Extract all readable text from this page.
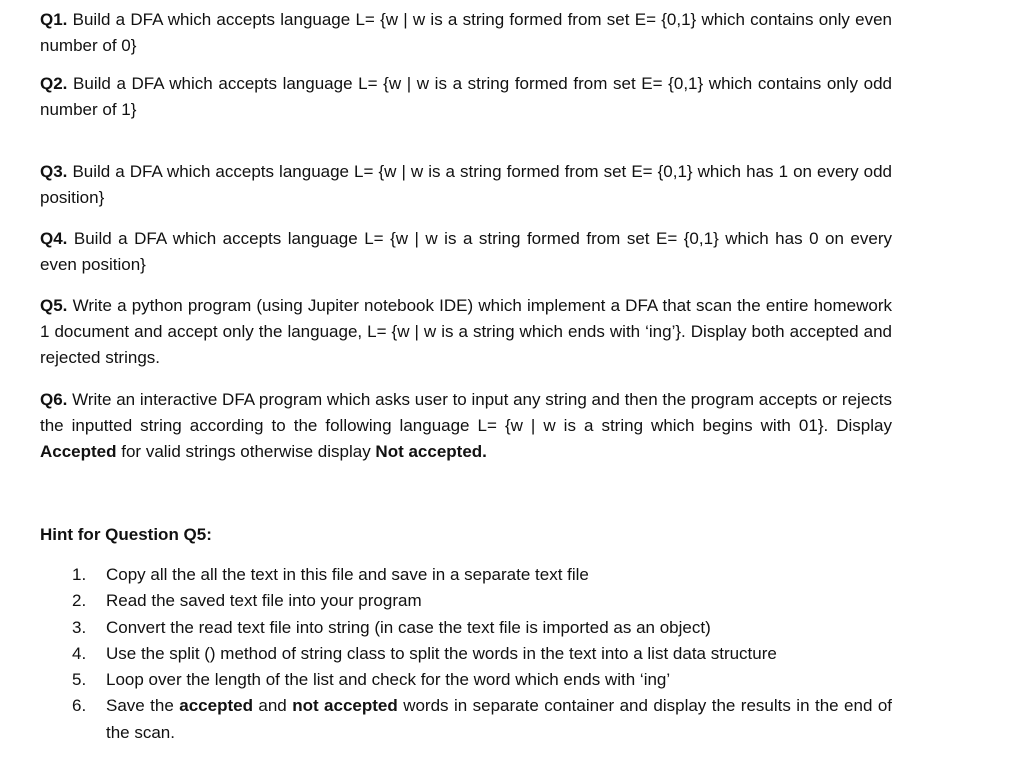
Q1. Build a DFA which accepts language L= {w | w is a string formed from set E= {0,1} which contains only even number of 0}
Q2. Build a DFA which accepts language L= {w | w is a string formed from set E= {0,1} which contains only odd number of 1}
Q3. Build a DFA which accepts language L= {w | w is a string formed from set E= {0,1} which has 1 on every odd position}
Q4. Build a DFA which accepts language L= {w | w is a string formed from set E= {0,1} which has 0 on every even position}
Q5. Write a python program (using Jupiter notebook IDE) which implement a DFA that scan the entire homework 1 document and accept only the language, L= {w | w is a string which ends with ‘ing’}. Display both accepted and rejected strings.
Q6. Write an interactive DFA program which asks user to input any string and then the program accepts or rejects the inputted string according to the following language L= {w | w is a string which begins with 01}. Display Accepted for valid strings otherwise display Not accepted.
Hint for Question Q5:
1. Copy all the all the text in this file and save in a separate text file
2. Read the saved text file into your program
3. Convert the read text file into string (in case the text file is imported as an object)
4. Use the split () method of string class to split the words in the text into a list data structure
5. Loop over the length of the list and check for the word which ends with ‘ing’
6. Save the accepted and not accepted words in separate container and display the results in the end of the scan.
